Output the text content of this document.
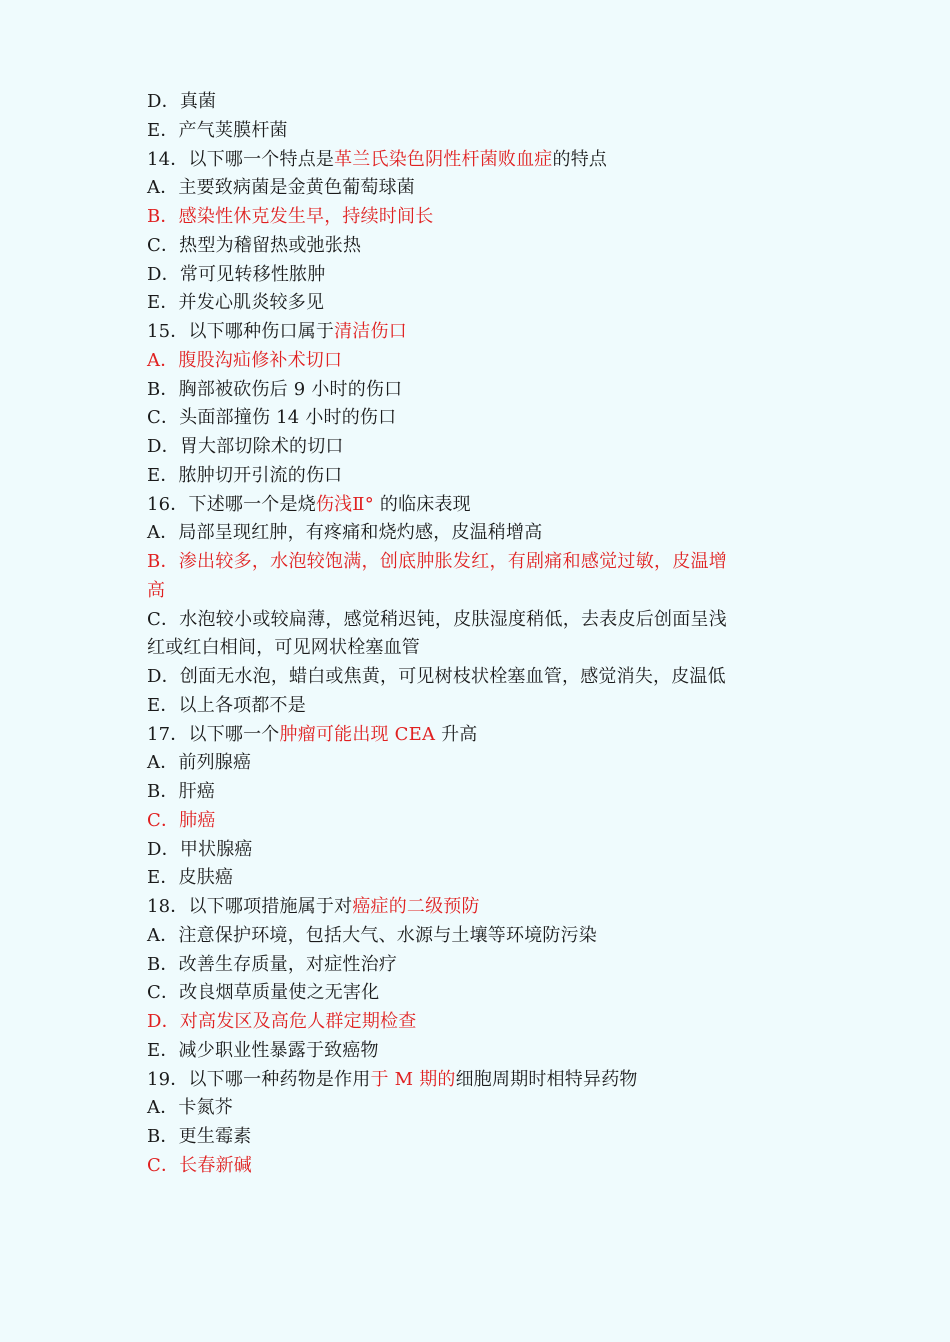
D．真菌
E．产气荚膜杆菌
14．以下哪一个特点是革兰氏染色阴性杆菌败血症的特点
A．主要致病菌是金黄色葡萄球菌
B．感染性休克发生早，持续时间长
C．热型为稽留热或弛张热
D．常可见转移性脓肿
E．并发心肌炎较多见
15．以下哪种伤口属于清洁伤口
A．腹股沟疝修补术切口
B．胸部被砍伤后 9 小时的伤口
C．头面部撞伤 14 小时的伤口
D．胃大部切除术的切口
E．脓肿切开引流的伤口
16．下述哪一个是烧伤浅Ⅱ° 的临床表现
A．局部呈现红肿，有疼痛和烧灼感，皮温稍增高
B．渗出较多，水泡较饱满，创底肿胀发红，有剧痛和感觉过敏，皮温增高
C．水泡较小或较扁薄，感觉稍迟钝，皮肤湿度稍低，去表皮后创面呈浅红或红白相间，可见网状栓塞血管
D．创面无水泡，蜡白或焦黄，可见树枝状栓塞血管，感觉消失，皮温低
E．以上各项都不是
17．以下哪一个肿瘤可能出现 CEA 升高
A．前列腺癌
B．肝癌
C．肺癌
D．甲状腺癌
E．皮肤癌
18．以下哪项措施属于对癌症的二级预防
A．注意保护环境，包括大气、水源与土壤等环境防污染
B．改善生存质量，对症性治疗
C．改良烟草质量使之无害化
D．对高发区及高危人群定期检查
E．减少职业性暴露于致癌物
19．以下哪一种药物是作用于 M 期的细胞周期时相特异药物
A．卡氮芥
B．更生霉素
C．长春新碱
